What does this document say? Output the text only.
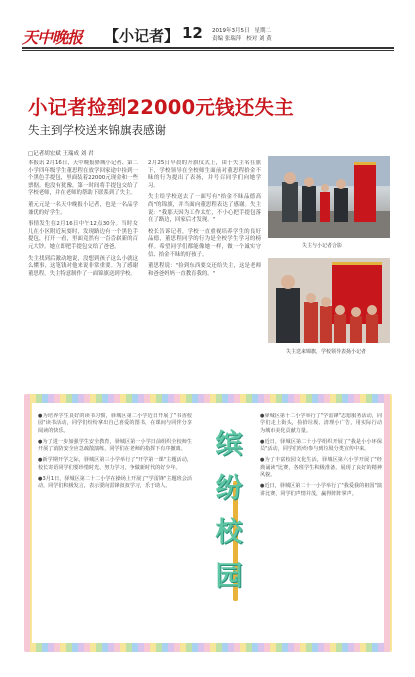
天中晚报 【小记者】 12 2019年3月5日 星期二
责编 张瑞萍 校对 刘 黄
小记者捡到22000元钱还失主
失主到学校送来锦旗表感谢
□记者胡宏斌 王瑞成 刘 君

本报讯 2月16日，天中晚报驿城小记者、第二小学四年级学生董思程在放学回家途中捡到一个黑色手提包，里面装着22000元现金和一些票据。他没有犹豫，第一时间将手提包交给了学校老师，并在老师的帮助下联系到了失主。

董元元是一名天中晚报小记者，也是一名品学兼优的好学生。

事情发生在2月16日中午12点30分。当时女儿在小区附近玩耍时，发现路边有一个黑色手提包，打开一看，里面竟然有一沓沓崭新的百元大钞。她立即把手提包交给了爸爸。

失主找到后激动地说，没想到孩子这么小就这么懂事，这笔钱对他来说非常重要。为了感谢董思程，失主特意制作了一面锦旗送到学校。

2月25日早晨的升旗仪式上，由于失主名在旗下，学校领导在全校师生面前对董思程拾金不昧的行为提出了表扬，并号召同学们向她学习。

失主给学校送去了一面写有"拾金不昧品德高尚"的锦旗，并当面向董思程表达了感谢。失主说："我那天因为工作太忙，不小心把手提包落在了路边，回家后才发现。"

校长告诉记者，学校一直重视培养学生的良好品德，董思程同学的行为是全校学生学习的榜样。希望同学们都能像她一样，做一个诚实守信、拾金不昧的好孩子。

董思程说："捡到东西要交还给失主，这是老师和爸爸妈妈一直教育我的。"

失主与小记者合影
失主送来锦旗，学校领导表扬小记者

●为培养学生良好的读书习惯，驿城区第二小学近日开展了"书香校园"读书活动，同学们纷纷拿出自己喜爱的图书，在课间与同伴分享阅读的快乐。

●为了进一步加强学生安全教育，驿城区第一小学日前组织全校师生开展了消防安全应急疏散演练，同学们在老师的指挥下有序撤离。

●新学期开学之际，驿城区第三小学举行了"开学第一课"主题活动，校长寄语同学们要珍惜时光、努力学习，争做新时代的好少年。

●3月1日，驿城区第二十二小学在操场上开展了"学雷锋"主题班会活动，同学们积极发言，表示要向雷锋叔叔学习，乐于助人。

缤
纷
校
园

●驿城区第十二小学举行了"学雷锋"志愿服务活动，同学们走上街头，捡拾垃圾、清理小广告，用实际行动为城市美化贡献力量。

●近日，驿城区第二十小学组织开展了"我是小小环保员"活动，同学们纷纷参与到垃圾分类宣传中来。

●为了丰富校园文化生活，驿城区第六小学开展了"经典诵读"比赛，各班学生积极准备，展现了良好的精神风貌。

●近日，驿城区第二十一小学举行了"我爱我的祖国"演讲比赛，同学们声情并茂，赢得阵阵掌声。
